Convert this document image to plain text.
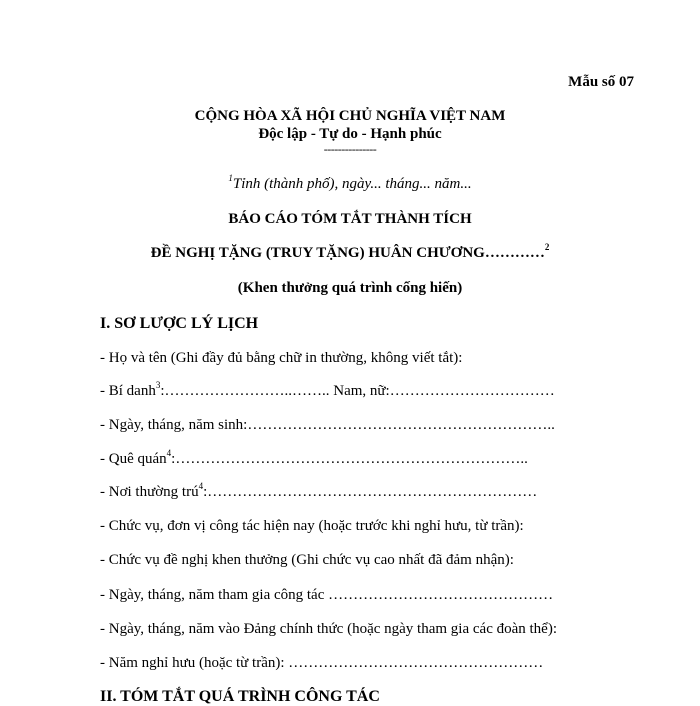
Mẫu số 07
CỘNG HÒA XÃ HỘI CHỦ NGHĨA VIỆT NAM
Độc lập - Tự do - Hạnh phúc
---------------
$^1$Tỉnh (thành phố), ngày... tháng... năm...
BÁO CÁO TÓM TẮT THÀNH TÍCH
ĐỀ NGHỊ TẶNG (TRUY TẶNG) HUÂN CHƯƠNG…………$^2$
(Khen thưởng quá trình cống hiến)
I. SƠ LƯỢC LÝ LỊCH
- Họ và tên (Ghi đầy đủ bằng chữ in thường, không viết tắt):
- Bí danh$^3$:……………………..…….. Nam, nữ:……………………………
- Ngày, tháng, năm sinh:……………………………………………………..
- Quê quán$^4$:……………………………………………………………..
- Nơi thường trú$^4$:…………………………………………………………
- Chức vụ, đơn vị công tác hiện nay (hoặc trước khi nghỉ hưu, từ trần):
- Chức vụ đề nghị khen thưởng (Ghi chức vụ cao nhất đã đảm nhận):
- Ngày, tháng, năm tham gia công tác ………………………………………
- Ngày, tháng, năm vào Đảng chính thức (hoặc ngày tham gia các đoàn thể):
- Năm nghỉ hưu (hoặc từ trần): ……………………………………………
II. TÓM TẮT QUÁ TRÌNH CÔNG TÁC
